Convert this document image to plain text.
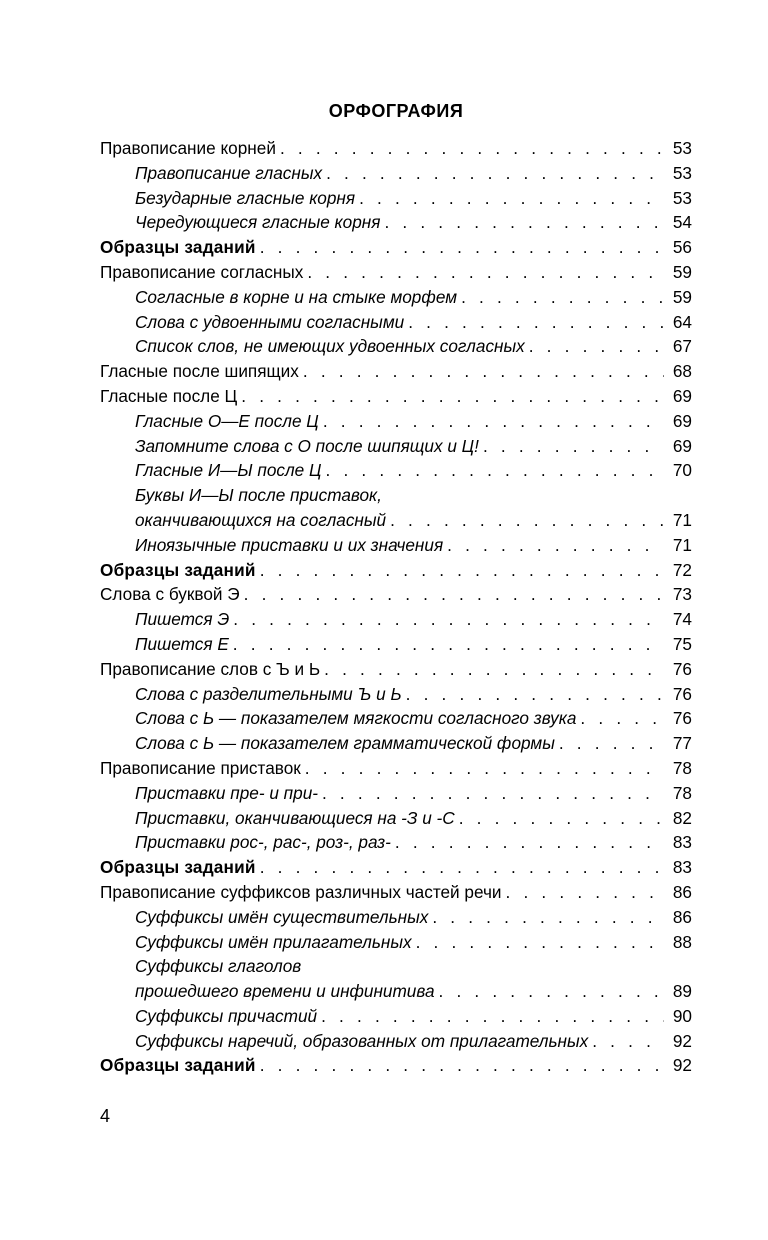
ОРФОГРАФИЯ
Правописание корней . . .	53
Правописание гласных . . .	53
Безударные гласные корня . . .	53
Чередующиеся гласные корня . . .	54
Образцы заданий . . .	56
Правописание согласных . . .	59
Согласные в корне и на стыке морфем . . .	59
Слова с удвоенными согласными . . .	64
Список слов, не имеющих удвоенных согласных . . .	67
Гласные после шипящих . . .	68
Гласные после Ц . . .	69
Гласные О—Е после Ц . . .	69
Запомните слова с О после шипящих и Ц! . . .	69
Гласные И—Ы после Ц . . .	70
Буквы И—Ы после приставок,
оканчивающихся на согласный . . .	71
Иноязычные приставки и их значения . . .	71
Образцы заданий . . .	72
Слова с буквой Э . . .	73
Пишется Э . . .	74
Пишется Е . . .	75
Правописание слов с Ъ и Ь . . .	76
Слова с разделительными Ъ и Ь . . .	76
Слова с Ь — показателем мягкости согласного звука . . .	76
Слова с Ь — показателем грамматической формы . . .	77
Правописание приставок . . .	78
Приставки пре- и при- . . .	78
Приставки, оканчивающиеся на -З и -С . . .	82
Приставки рос-, рас-, роз-, раз- . . .	83
Образцы заданий . . .	83
Правописание суффиксов различных частей речи . . .	86
Суффиксы имён существительных . . .	86
Суффиксы имён прилагательных . . .	88
Суффиксы глаголов
прошедшего времени и инфинитива . . .	89
Суффиксы причастий . . .	90
Суффиксы наречий, образованных от прилагательных . . .	92
Образцы заданий . . .	92
4
